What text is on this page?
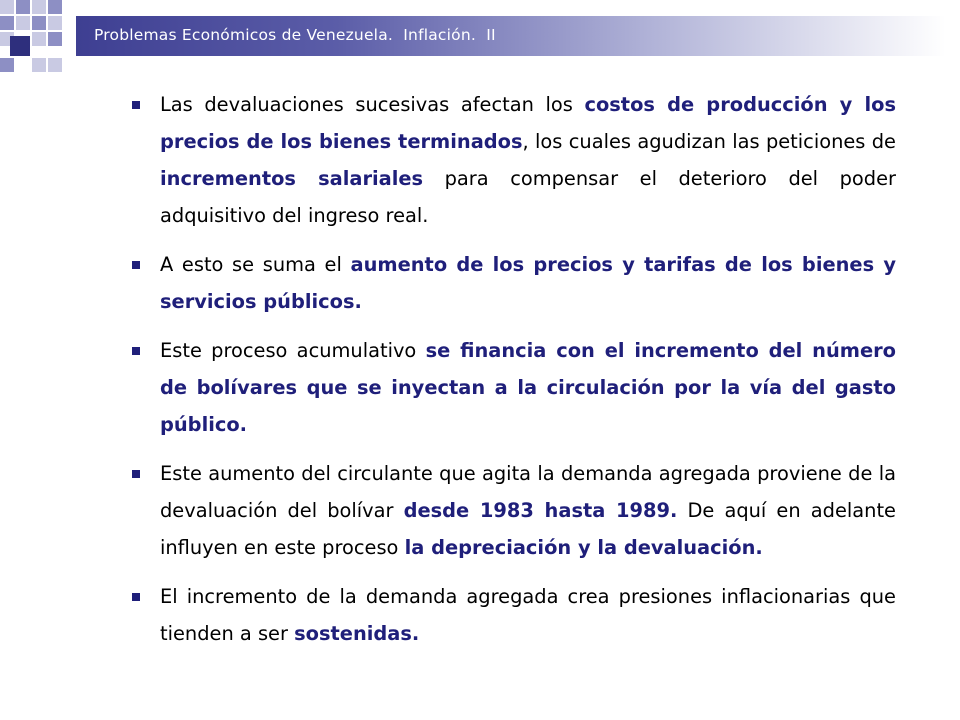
Problemas Económicos de Venezuela.  Inflación.  II
Las devaluaciones sucesivas afectan los costos de producción y los precios de los bienes terminados, los cuales agudizan las peticiones de incrementos salariales para compensar el deterioro del poder adquisitivo del ingreso real.
A esto se suma el aumento de los precios y tarifas de los bienes y servicios públicos.
Este proceso acumulativo se financia con el incremento del número de bolívares que se inyectan a la circulación por la vía del gasto público.
Este aumento del circulante que agita la demanda agregada proviene de la devaluación del bolívar desde 1983 hasta 1989. De aquí en adelante influyen en este proceso la depreciación y la devaluación.
El incremento de la demanda agregada crea presiones inflacionarias que tienden a ser sostenidas.
